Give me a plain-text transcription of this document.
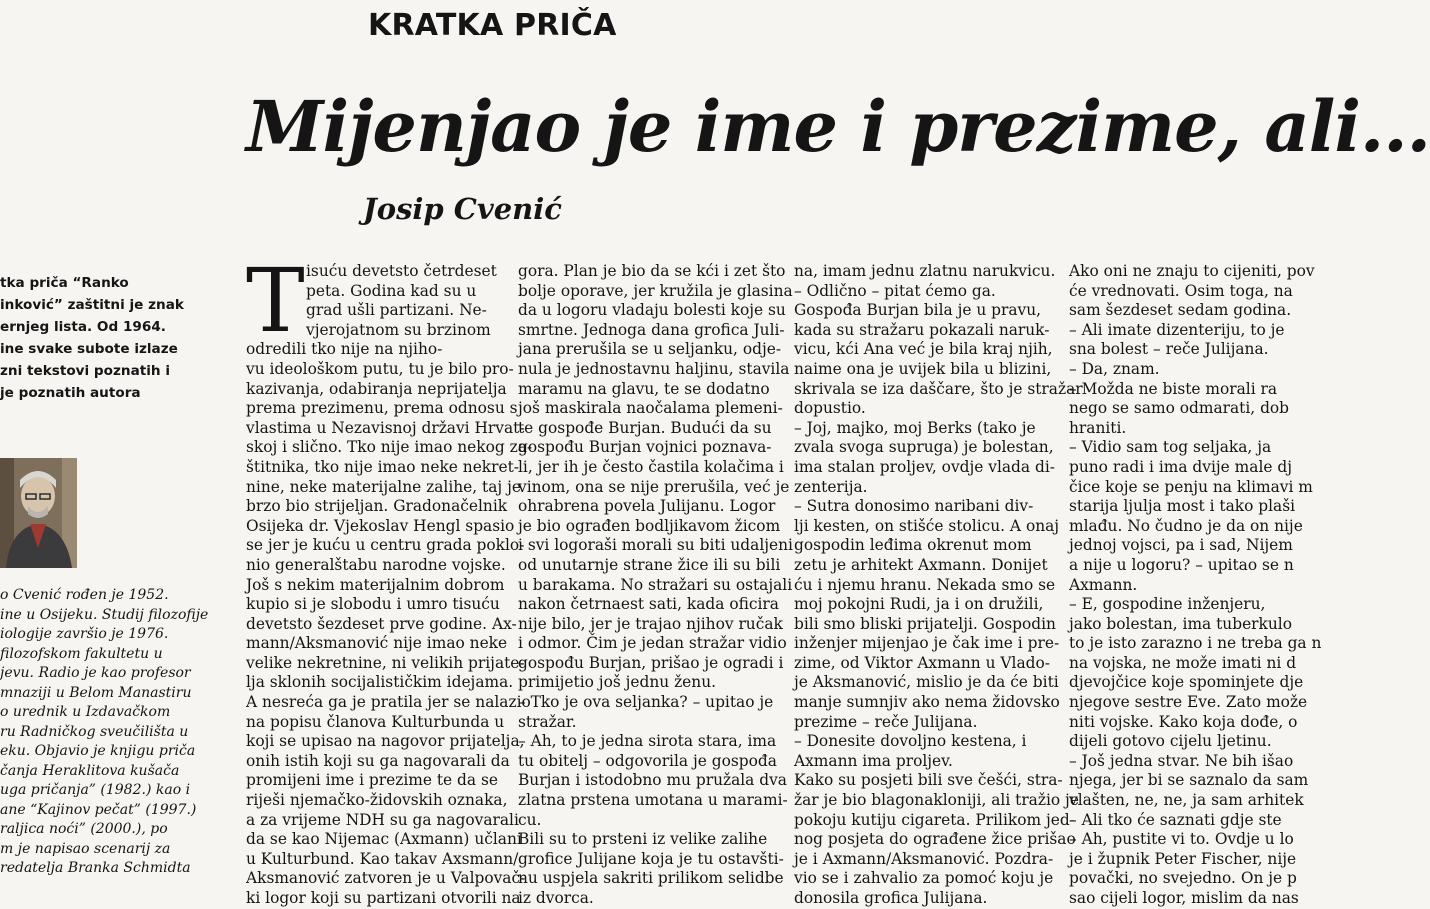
KRATKA PRIČA
Mijenjao je ime i prezime, ali...
Josip Cvenić
tka priča “Ranko
inković” zaštitni je znak
ernjeg lista. Od 1964.
ine svake subote izlaze
zni tekstovi poznatih i
je poznatih autora
o Cvenić rođen je 1952.
ine u Osijeku. Studij filozofije
iologije završio je 1976.
filozofskom fakultetu u
jevu. Radio je kao profesor
mnaziji u Belom Manastiru
o urednik u Izdavačkom
ru Radničkog sveučilišta u
eku. Objavio je knjigu priča
čanja Heraklitova kušača
uga pričanja” (1982.) kao i
ane “Kajinov pečat” (1997.)
raljica noći” (2000.), po
m je napisao scenarij za
redatelja Branka Schmidta
T isuću devetsto četrdeset
peta. Godina kad su u
grad ušli partizani. Ne-
vjerojatnom su brzinom
odredili tko nije na njiho-
vu ideološkom putu, tu je bilo pro-
kazivanja, odabiranja neprijatelja
prema prezimenu, prema odnosu s
vlastima u Nezavisnoj državi Hrvat-
skoj i slično. Tko nije imao nekog za-
štitnika, tko nije imao neke nekret-
nine, neke materijalne zalihe, taj je
brzo bio strijeljan. Gradonačelnik
Osijeka dr. Vjekoslav Hengl spasio
se jer je kuću u centru grada poklo-
nio generalštabu narodne vojske.
Još s nekim materijalnim dobrom
kupio si je slobodu i umro tisuću
devetsto šezdeset prve godine. Ax-
mann/Aksmanović nije imao neke
velike nekretnine, ni velikih prijate-
lja sklonih socijalističkim idejama.
A nesreća ga je pratila jer se nalazio
na popisu članova Kulturbunda u
koji se upisao na nagovor prijatelja,
onih istih koji su ga nagovarali da
promijeni ime i prezime te da se
riješi njemačko-židovskih oznaka,
a za vrijeme NDH su ga nagovarali
da se kao Nijemac (Axmann) učlani
u Kulturbund. Kao takav Axsmann/
Aksmanović zatvoren je u Valpovač-
ki logor koji su partizani otvorili na
gora. Plan je bio da se kći i zet što
bolje oporave, jer kružila je glasina
da u logoru vladaju bolesti koje su
smrtne. Jednoga dana grofica Juli-
jana prerušila se u seljanku, odje-
nula je jednostavnu haljinu, stavila
maramu na glavu, te se dodatno
još maskirala naočalama plemeni-
te gospođe Burjan. Budući da su
gospođu Burjan vojnici poznava-
li, jer ih je često častila kolačima i
vinom, ona se nije prerušila, već je
ohrabrena povela Julijanu. Logor
je bio ograđen bodljikavom žicom
i svi logoraši morali su biti udaljeni
od unutarnje strane žice ili su bili
u barakama. No stražari su ostajali
nakon četrnaest sati, kada oficira
nije bilo, jer je trajao njihov ručak
i odmor. Čim je jedan stražar vidio
gospođu Burjan, prišao je ogradi i
primijetio još jednu ženu.
– Tko je ova seljanka? – upitao je
stražar.
– Ah, to je jedna sirota stara, ima
tu obitelj – odgovorila je gospođa
Burjan i istodobno mu pružala dva
zlatna prstena umotana u marami-
cu.
Bili su to prsteni iz velike zalihe
grofice Julijane koja je tu ostavšti-
nu uspjela sakriti prilikom selidbe
iz dvorca.
na, imam jednu zlatnu narukvicu.
– Odlično – pitat ćemo ga.
Gospođa Burjan bila je u pravu,
kada su stražaru pokazali naruk-
vicu, kći Ana već je bila kraj njih,
naime ona je uvijek bila u blizini,
skrivala se iza daščare, što je stražar
dopustio.
– Joj, majko, moj Berks (tako je
zvala svoga supruga) je bolestan,
ima stalan proljev, ovdje vlada di-
zenterija.
– Sutra donosimo naribani div-
lji kesten, on stišće stolicu. A onaj
gospodin leđima okrenut mom
zetu je arhitekt Axmann. Donijet
ću i njemu hranu. Nekada smo se
moj pokojni Rudi, ja i on družili,
bili smo bliski prijatelji. Gospodin
inženjer mijenjao je čak ime i pre-
zime, od Viktor Axmann u Vlado-
je Aksmanović, mislio je da će biti
manje sumnjiv ako nema židovsko
prezime – reče Julijana.
– Donesite dovoljno kestena, i
Axmann ima proljev.
Kako su posjeti bili sve češći, stra-
žar je bio blagonakloniji, ali tražio je
pokoju kutiju cigareta. Prilikom jed-
nog posjeta do ograđene žice prišao
je i Axmann/Aksmanović. Pozdra-
vio se i zahvalio za pomoć koju je
donosila grofica Julijana.
Ako oni ne znaju to cijeniti, pov
će vrednovati. Osim toga, na
sam šezdeset sedam godina.
– Ali imate dizenteriju, to je
sna bolest – reče Julijana.
– Da, znam.
– Možda ne biste morali ra
nego se samo odmarati, dob
hraniti.
– Vidio sam tog seljaka, ja
puno radi i ima dvije male dj
čice koje se penju na klimavi m
starija ljulja most i tako plaši
mlađu. No čudno je da on nije
jednoj vojsci, pa i sad, Nijem
a nije u logoru? – upitao se n
Axmann.
– E, gospodine inženjeru,
jako bolestan, ima tuberkulo
to je isto zarazno i ne treba ga n
na vojska, ne može imati ni d
djevojčice koje spominjete dje
njegove sestre Eve. Zato može
niti vojske. Kako koja dođe, o
dijeli gotovo cijelu ljetinu.
– Još jedna stvar. Ne bih išao
njega, jer bi se saznalo da sam
vlašten, ne, ne, ja sam arhitek
– Ali tko će saznati gdje ste
– Ah, pustite vi to. Ovdje u lo
je i župnik Peter Fischer, nije
povački, no svejedno. On je p
sao cijeli logor, mislim da nas
